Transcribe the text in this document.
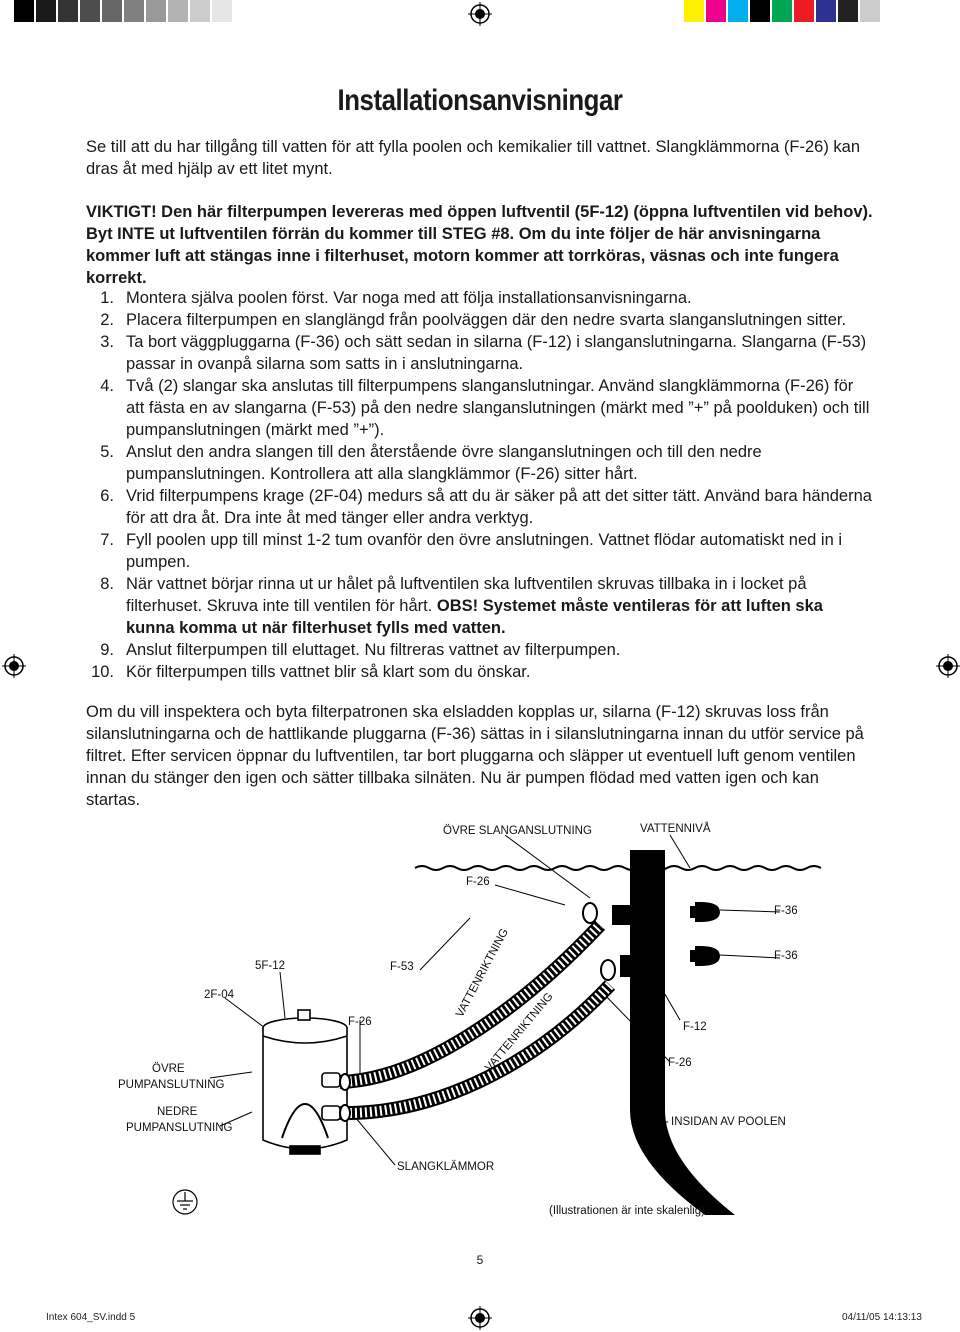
Installationsanvisningar

Se till att du har tillgång till vatten för att fylla poolen och kemikalier till vattnet. Slangklämmorna (F-26) kan dras åt med hjälp av ett litet mynt.

VIKTIGT! Den här filterpumpen levereras med öppen luftventil (5F-12) (öppna luftventilen vid behov). Byt INTE ut luftventilen förrän du kommer till STEG #8. Om du inte följer de här anvisningarna kommer luft att stängas inne i filterhuset, motorn kommer att torrköras, väsnas och inte fungera korrekt.

1. Montera själva poolen först. Var noga med att följa installationsanvisningarna.
2. Placera filterpumpen en slanglängd från poolväggen där den nedre svarta slanganslutningen sitter.
3. Ta bort väggpluggarna (F-36) och sätt sedan in silarna (F-12) i slanganslutningarna. Slangarna (F-53) passar in ovanpå silarna som satts in i anslutningarna.
4. Två (2) slangar ska anslutas till filterpumpens slanganslutningar. Använd slangklämmorna (F-26) för att fästa en av slangarna (F-53) på den nedre slanganslutningen (märkt med ”+” på poolduken) och till pumpanslutningen (märkt med ”+”).
5. Anslut den andra slangen till den återstående övre slanganslutningen och till den nedre pumpanslutningen. Kontrollera att alla slangklämmor (F-26) sitter hårt.
6. Vrid filterpumpens krage (2F-04) medurs så att du är säker på att det sitter tätt. Använd bara händerna för att dra åt. Dra inte åt med tänger eller andra verktyg.
7. Fyll poolen upp till minst 1-2 tum ovanför den övre anslutningen. Vattnet flödar automatiskt ned in i pumpen.
8. När vattnet börjar rinna ut ur hålet på luftventilen ska luftventilen skruvas tillbaka in i locket på filterhuset. Skruva inte till ventilen för hårt. OBS! Systemet måste ventileras för att luften ska kunna komma ut när filterhuset fylls med vatten.
9. Anslut filterpumpen till eluttaget. Nu filtreras vattnet av filterpumpen.
10. Kör filterpumpen tills vattnet blir så klart som du önskar.

Om du vill inspektera och byta filterpatronen ska elsladden kopplas ur, silarna (F-12) skruvas loss från silanslutningarna och de hattlikande pluggarna (F-36) sättas in i silanslutningarna innan du utför service på filtret. Efter servicen öppnar du luftventilen, tar bort pluggarna och släpper ut eventuell luft genom ventilen innan du stänger den igen och sätter tillbaka silnäten. Nu är pumpen flödad med vatten igen och kan startas.

ÖVRE SLANGANSLUTNING	VATTENNIVÅ
F-26
F-36
F-36
F-12
F-26
VATTENRIKTNING
VATTENRIKTNING
5F-12	F-53
F-26
2F-04
ÖVRE
PUMPANSLUTNING
NEDRE
PUMPANSLUTNING	INSIDAN AV POOLEN
SLANGKLÄMMOR
(Illustrationen är inte skalenlig)
5
Intex 604_SV.indd 5	04/11/05 14:13:13
